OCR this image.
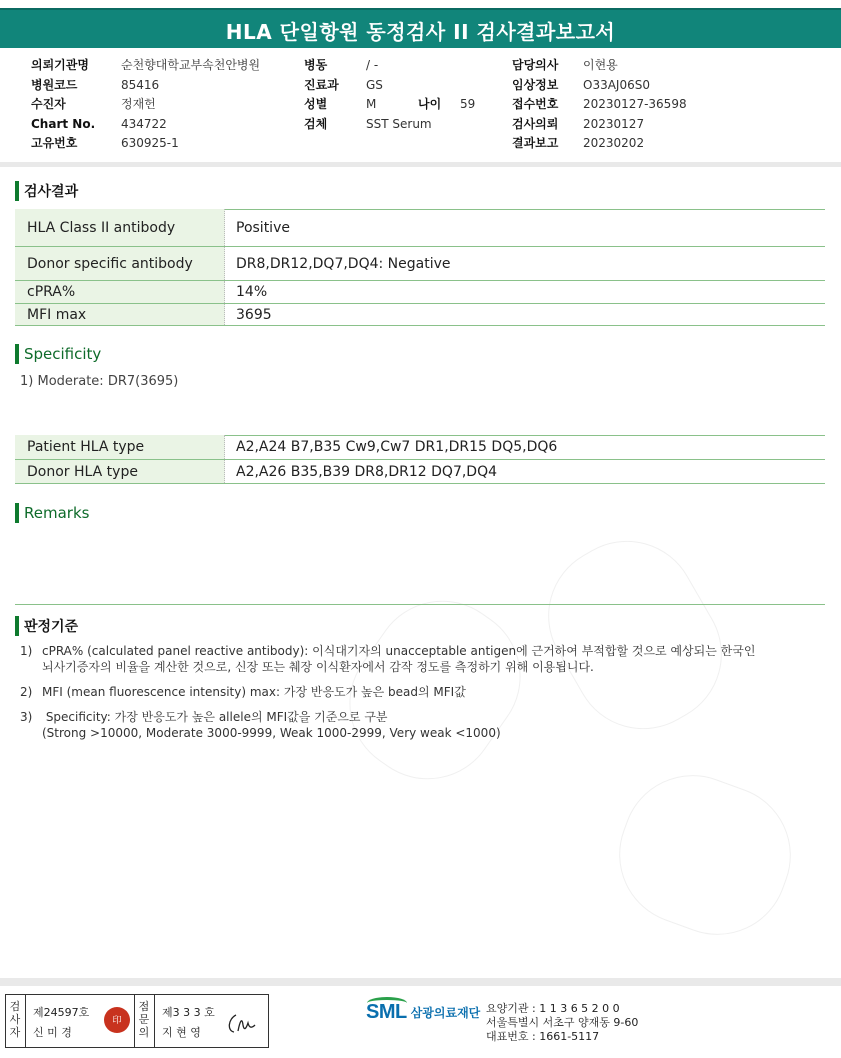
HLA 단일항원 동정검사 II 검사결과보고서
의뢰기관명	순천향대학교부속천안병원
병원코드	85416
수진자	정재헌
Chart No.	434722
고유번호	630925-1
병동	/ -
진료과	GS
성별	M	나이	59
검체	SST Serum
담당의사	이현용
임상정보	O33AJ06S0
접수번호	20230127-36598
검사의뢰	20230127
결과보고	20230202
검사결과
HLA Class II antibody	Positive
Donor specific antibody	DR8,DR12,DQ7,DQ4: Negative
cPRA%	14%
MFI max	3695
Specificity
1) Moderate: DR7(3695)
Patient HLA type	A2,A24 B7,B35 Cw9,Cw7 DR1,DR15 DQ5,DQ6
Donor HLA type	A2,A26 B35,B39 DR8,DR12 DQ7,DQ4
Remarks
판정기준
1) cPRA% (calculated panel reactive antibody): 이식대기자의 unacceptable antigen에 근거하여 부적합할 것으로 예상되는 한국인
뇌사기증자의 비율을 계산한 것으로, 신장 또는 췌장 이식환자에서 감작 정도를 측정하기 위해 이용됩니다.
2) MFI (mean fluorescence intensity) max: 가장 반응도가 높은 bead의 MFI값
3) Specificity: 가장 반응도가 높은 allele의 MFI값을 기준으로 구분
(Strong >10000, Moderate 3000-9999, Weak 1000-2999, Very weak <1000)
검
사
자
제24597호
신 미 경
印
점
문
의
제3 3 3 호
지 현 영
SML 삼광의료재단 요양기관 : 1 1 3 6 5 2 0 0
서울특별시 서초구 양재동 9-60
대표번호 : 1661-5117
